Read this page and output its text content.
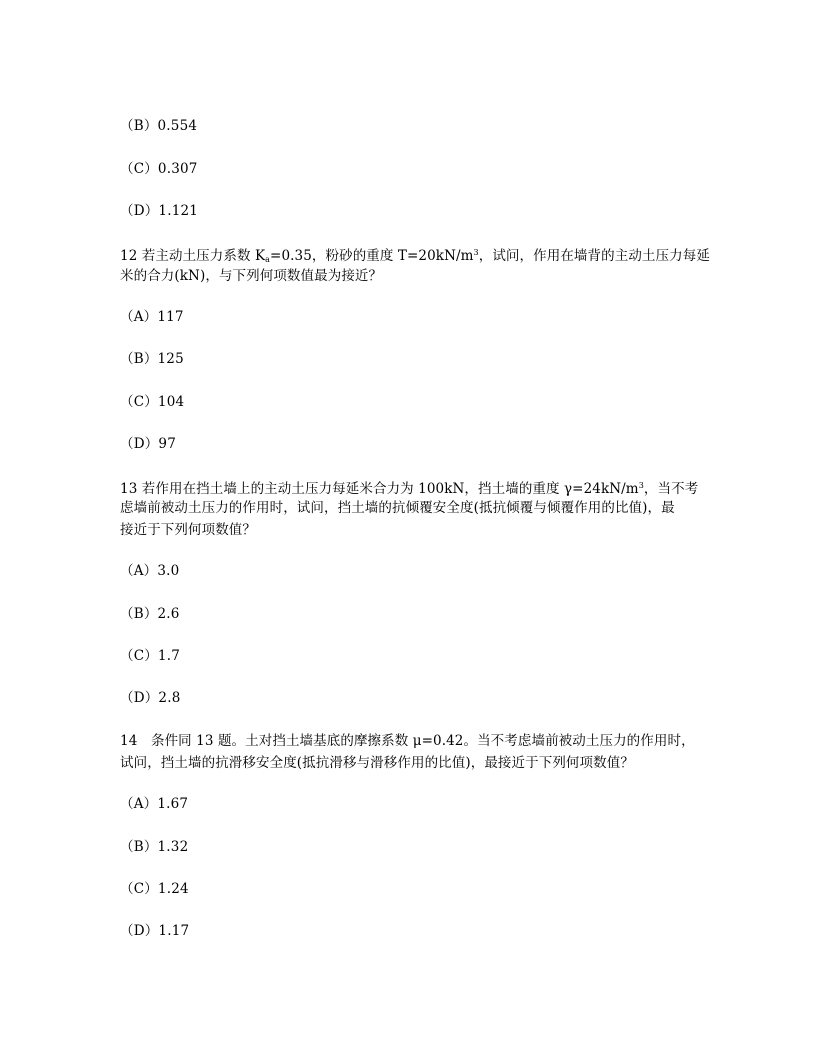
（B）0.554
（C）0.307
（D）1.121
12 若主动土压力系数 $K_a=0.35$，粉砂的重度 $T=20kN/m^3$，试问，作用在墙背的主动土压力每延
米的合力(kN)，与下列何项数值最为接近？
（A）117
（B）125
（C）104
（D）97
13 若作用在挡土墙上的主动土压力每延米合力为 100kN，挡土墙的重度 $\gamma=24kN/m^3$，当不考
虑墙前被动土压力的作用时，试问，挡土墙的抗倾覆安全度(抵抗倾覆与倾覆作用的比值)，最
接近于下列何项数值？
（A）3.0
（B）2.6
（C）1.7
（D）2.8
14　条件同 13 题。土对挡土墙基底的摩擦系数 μ=0.42。当不考虑墙前被动土压力的作用时，
试问，挡土墙的抗滑移安全度(抵抗滑移与滑移作用的比值)，最接近于下列何项数值？
（A）1.67
（B）1.32
（C）1.24
（D）1.17
